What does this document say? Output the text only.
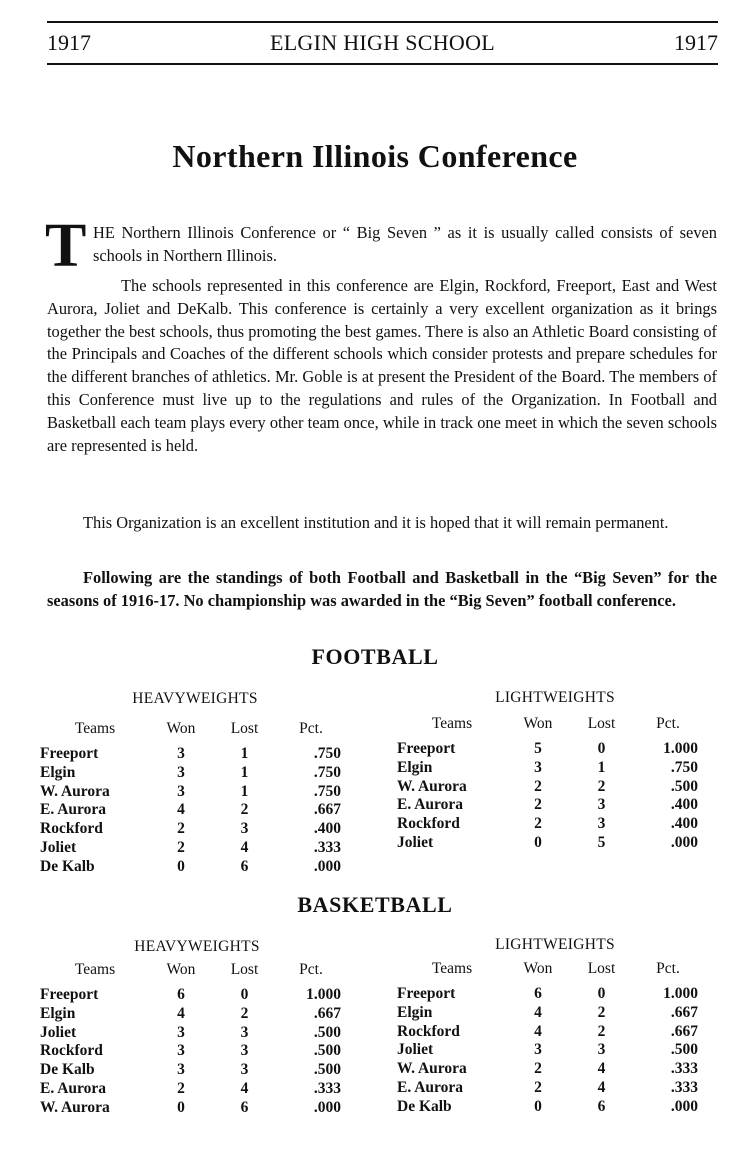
1917	ELGIN HIGH SCHOOL	1917
Northern Illinois Conference
T HE Northern Illinois Conference or “ Big Seven ” as it is usually called consists of seven schools in Northern Illinois.
The schools represented in this conference are Elgin, Rockford, Freeport, East and West Aurora, Joliet and DeKalb. This conference is certainly a very excellent organization as it brings together the best schools, thus promoting the best games. There is also an Athletic Board consisting of the Principals and Coaches of the different schools which consider protests and prepare schedules for the different branches of athletics. Mr. Goble is at present the President of the Board. The members of this Conference must live up to the regulations and rules of the Organization. In Football and Basketball each team plays every other team once, while in track one meet in which the seven schools are represented is held.
This Organization is an excellent institution and it is hoped that it will remain permanent.
Following are the standings of both Football and Basketball in the “Big Seven” for the seasons of 1916-17. No championship was awarded in the “Big Seven” football conference.
FOOTBALL
HEAVYWEIGHTS
Teams	Won	Lost	Pct.
Freeport	3	1	.750
Elgin	3	1	.750
W. Aurora	3	1	.750
E. Aurora	4	2	.667
Rockford	2	3	.400
Joliet	2	4	.333
De Kalb	0	6	.000
LIGHTWEIGHTS
Teams	Won	Lost	Pct.
Freeport	5	0	1.000
Elgin	3	1	.750
W. Aurora	2	2	.500
E. Aurora	2	3	.400
Rockford	2	3	.400
Joliet	0	5	.000
BASKETBALL
HEAVYWEIGHTS
Teams	Won	Lost	Pct.
Freeport	6	0	1.000
Elgin	4	2	.667
Joliet	3	3	.500
Rockford	3	3	.500
De Kalb	3	3	.500
E. Aurora	2	4	.333
W. Aurora	0	6	.000
LIGHTWEIGHTS
Teams	Won	Lost	Pct.
Freeport	6	0	1.000
Elgin	4	2	.667
Rockford	4	2	.667
Joliet	3	3	.500
W. Aurora	2	4	.333
E. Aurora	2	4	.333
De Kalb	0	6	.000
